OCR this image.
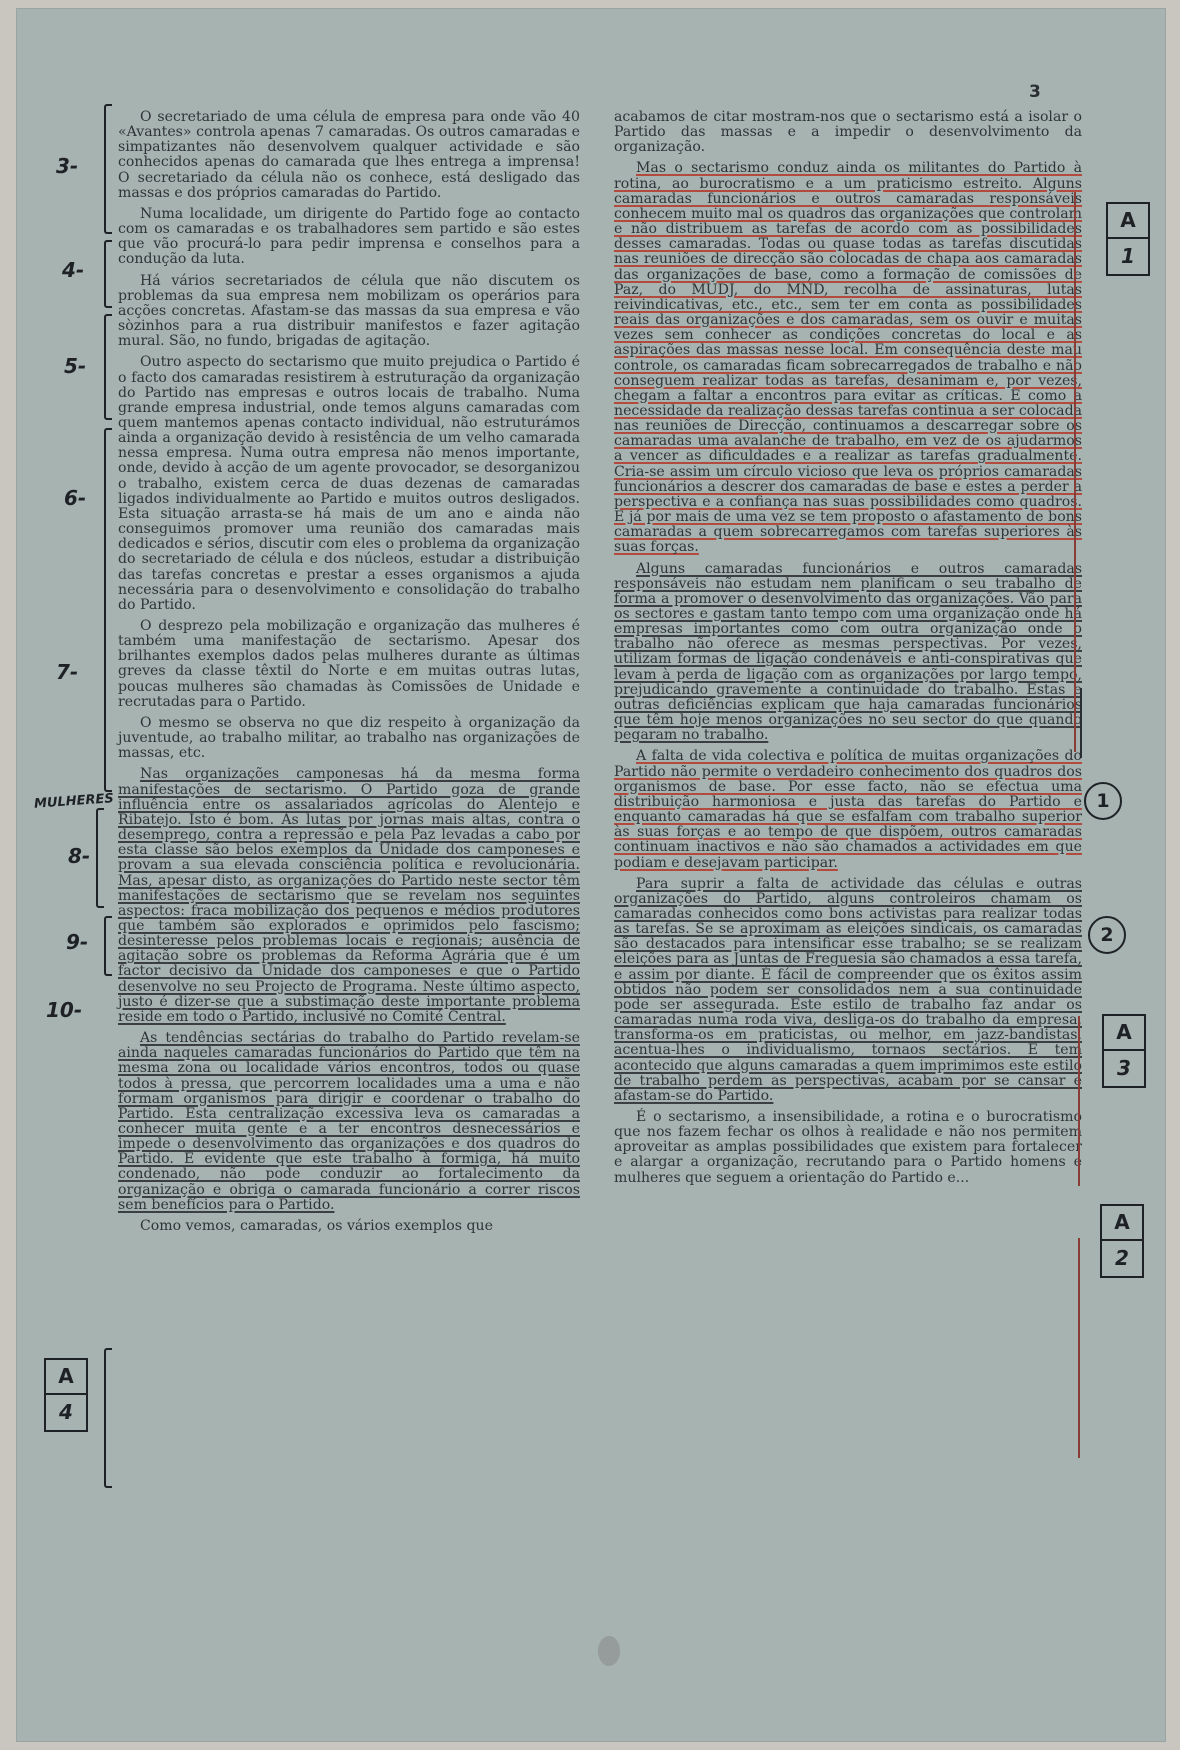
3

O secretariado de uma célula de empresa para onde vão 40 «Avantes» controla apenas 7 camaradas. Os outros camaradas e simpatizantes não desenvolvem qualquer actividade e são conhecidos apenas do camarada que lhes entrega a imprensa! O secretariado da célula não os conhece, está desligado das massas e dos próprios camaradas do Partido.

Numa localidade, um dirigente do Partido foge ao contacto com os camaradas e os trabalhadores sem partido e são estes que vão procurá-lo para pedir imprensa e conselhos para a condução da luta.

Há vários secretariados de célula que não discutem os problemas da sua empresa nem mobilizam os operários para acções concretas. Afastam-se das massas da sua empresa e vão sòzinhos para a rua distribuir manifestos e fazer agitação mural. São, no fundo, brigadas de agitação.

Outro aspecto do sectarismo que muito prejudica o Partido é o facto dos camaradas resistirem à estruturação da organização do Partido nas empresas e outros locais de trabalho. Numa grande empresa industrial, onde temos alguns camaradas com quem mantemos apenas contacto individual, não estruturámos ainda a organização devido à resistência de um velho camarada nessa empresa. Numa outra empresa não menos importante, onde, devido à acção de um agente provocador, se desorganizou o trabalho, existem cerca de duas dezenas de camaradas ligados individualmente ao Partido e muitos outros desligados. Esta situação arrasta-se há mais de um ano e ainda não conseguimos promover uma reunião dos camaradas mais dedicados e sérios, discutir com eles o problema da organização do secretariado de célula e dos núcleos, estudar a distribuição das tarefas concretas e prestar a esses organismos a ajuda necessária para o desenvolvimento e consolidação do trabalho do Partido.

O desprezo pela mobilização e organização das mulheres é também uma manifestação de sectarismo. Apesar dos brilhantes exemplos dados pelas mulheres durante as últimas greves da classe têxtil do Norte e em muitas outras lutas, poucas mulheres são chamadas às Comissões de Unidade e recrutadas para o Partido.

O mesmo se observa no que diz respeito à organização da juventude, ao trabalho militar, ao trabalho nas organizações de massas, etc.

Nas organizações camponesas há da mesma forma manifestações de sectarismo. O Partido goza de grande influência entre os assalariados agrícolas do Alentejo e Ribatejo. Isto é bom. As lutas por jornas mais altas, contra o desemprego, contra a repressão e pela Paz levadas a cabo por esta classe são belos exemplos da Unidade dos camponeses e provam a sua elevada consciência política e revolucionária. Mas, apesar disto, as organizações do Partido neste sector têm manifestações de sectarismo que se revelam nos seguintes aspectos: fraca mobilização dos pequenos e médios produtores que também são explorados e oprimidos pelo fascismo; desinteresse pelos problemas locais e regionais; ausência de agitação sobre os problemas da Reforma Agrária que é um factor decisivo da Unidade dos camponeses e que o Partido desenvolve no seu Projecto de Programa. Neste último aspecto, justo é dizer-se que a substimação deste importante problema reside em todo o Partido, inclusivé no Comité Central.

As tendências sectárias do trabalho do Partido revelam-se ainda naqueles camaradas funcionários do Partido que têm na mesma zona ou localidade vários encontros, todos ou quase todos à pressa, que percorrem localidades uma a uma e não formam organismos para dirigir e coordenar o trabalho do Partido. Esta centralização excessiva leva os camaradas a conhecer muita gente e a ter encontros desnecessários e impede o desenvolvimento das organizações e dos quadros do Partido. É evidente que este trabalho à formiga, há muito condenado, não pode conduzir ao fortalecimento da organização e obriga o camarada funcionário a correr riscos sem benefícios para o Partido.

Como vemos, camaradas, os vários exemplos que

acabamos de citar mostram-nos que o sectarismo está a isolar o Partido das massas e a impedir o desenvolvimento da organização.

Mas o sectarismo conduz ainda os militantes do Partido à rotina, ao burocratismo e a um praticismo estreito. Alguns camaradas funcionários e outros camaradas responsáveis conhecem muito mal os quadros das organizações que controlam e não distribuem as tarefas de acordo com as possibilidades desses camaradas. Todas ou quase todas as tarefas discutidas nas reuniões de direcção são colocadas de chapa aos camaradas das organizações de base, como a formação de comissões de Paz, do MUDJ, do MND, recolha de assinaturas, lutas reivindicativas, etc., etc., sem ter em conta as possibilidades reais das organizações e dos camaradas, sem os ouvir e muitas vezes sem conhecer as condições concretas do local e as aspirações das massas nesse local. Em consequência deste mau controle, os camaradas ficam sobrecarregados de trabalho e não conseguem realizar todas as tarefas, desanimam e, por vezes, chegam a faltar a encontros para evitar as críticas. E como a necessidade da realização dessas tarefas continua a ser colocada nas reuniões de Direcção, continuamos a descarregar sobre os camaradas uma avalanche de trabalho, em vez de os ajudarmos a vencer as dificuldades e a realizar as tarefas gradualmente. Cria-se assim um círculo vicioso que leva os próprios camaradas funcionários a descrer dos camaradas de base e estes a perder a perspectiva e a confiança nas suas possibilidades como quadros. E já por mais de uma vez se tem proposto o afastamento de bons camaradas a quem sobrecarregamos com tarefas superiores às suas forças.

Alguns camaradas funcionários e outros camaradas responsáveis não estudam nem planificam o seu trabalho de forma a promover o desenvolvimento das organizações. Vão para os sectores e gastam tanto tempo com uma organização onde há empresas importantes como com outra organização onde o trabalho não oferece as mesmas perspectivas. Por vezes, utilizam formas de ligação condenáveis e anti-conspirativas que levam à perda de ligação com as organizações por largo tempo, prejudicando gravemente a continuidade do trabalho. Estas e outras deficiências explicam que haja camaradas funcionários que têm hoje menos organizações no seu sector do que quando pegaram no trabalho.

A falta de vida colectiva e política de muitas organizações do Partido não permite o verdadeiro conhecimento dos quadros dos organismos de base. Por esse facto, não se efectua uma distribuição harmoniosa e justa das tarefas do Partido e enquanto camaradas há que se esfalfam com trabalho superior às suas forças e ao tempo de que dispõem, outros camaradas continuam inactivos e não são chamados a actividades em que podiam e desejavam participar.

Para suprir a falta de actividade das células e outras organizações do Partido, alguns controleiros chamam os camaradas conhecidos como bons activistas para realizar todas as tarefas. Se se aproximam as eleições sindicais, os camaradas são destacados para intensificar esse trabalho; se se realizam eleições para as Juntas de Freguesia são chamados a essa tarefa, e assim por diante. É fácil de compreender que os êxitos assim obtidos não podem ser consolidados nem a sua continuidade pode ser assegurada. Este estilo de trabalho faz andar os camaradas numa roda viva, desliga-os do trabalho da empresa, transforma-os em praticistas, ou melhor, em jazz-bandistas, acentua-lhes o individualismo, tornaos sectários. E tem acontecido que alguns camaradas a quem imprimimos este estilo de trabalho perdem as perspectivas, acabam por se cansar e afastam-se do Partido.

É o sectarismo, a insensibilidade, a rotina e o burocratismo que nos fazem fechar os olhos à realidade e não nos permitem aproveitar as amplas possibilidades que existem para fortalecer e alargar a organização, recrutando para o Partido homens e mulheres que seguem a orientação do Partido e...

3-
4-
5-
6-
7-
MULHERES
8-
9-
10-
A
4
A
1
A
3
A
2
1
2
